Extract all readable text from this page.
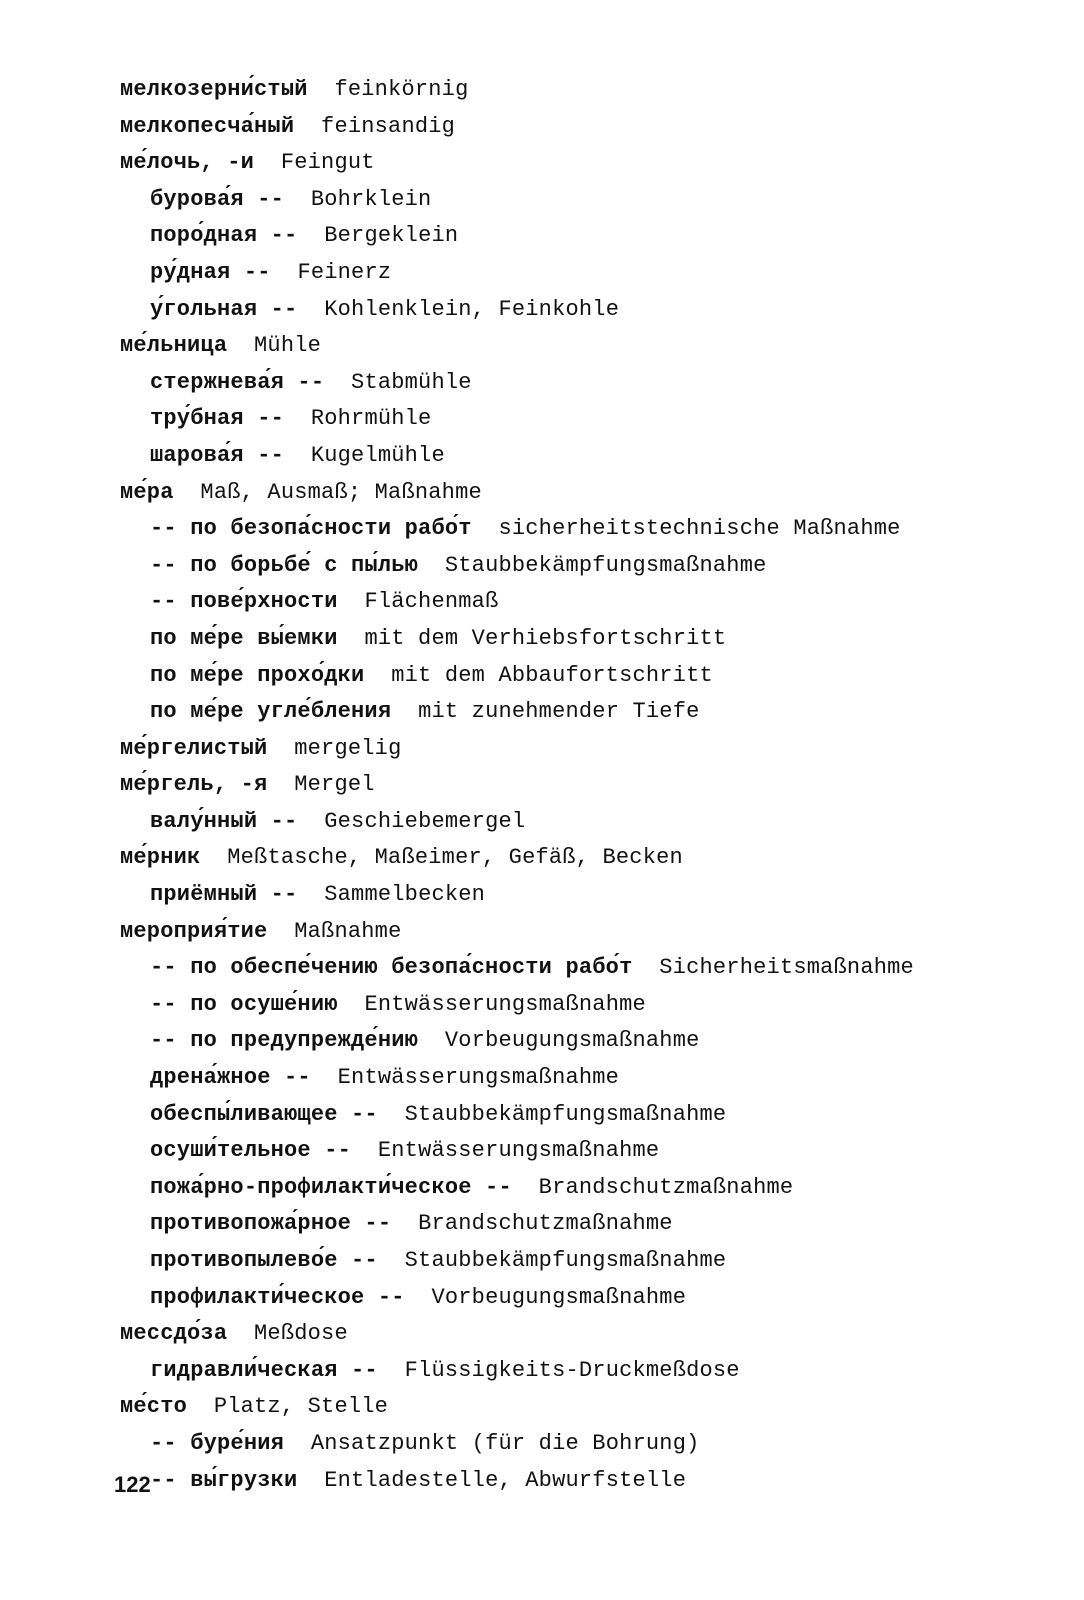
мелкозерни́стый feinkörnig
мелкопесча́ный feinsandig
ме́лочь, -и Feingut
бурова́я -- Bohrklein
поро́дная -- Bergeklein
ру́дная -- Feinerz
у́гольная -- Kohlenklein, Feinkohle
ме́льница Mühle
стержнева́я -- Stabmühle
тру́бная -- Rohrmühle
шарова́я -- Kugelmühle
ме́ра Maß, Ausmaß; Maßnahme
-- по безопа́сности рабо́т sicherheitstechnische Maßnahme
-- по борьбе́ с пы́лью Staubbekämpfungsmaßnahme
-- пове́рхности Flächenmaß
по ме́ре вы́емки mit dem Verhiebsfortschritt
по ме́ре прохо́дки mit dem Abbaufortschritt
по ме́ре угле́бления mit zunehmender Tiefe
ме́ргелистый mergelig
ме́ргель, -я Mergel
валу́нный -- Geschiebemergel
ме́рник Meßtasche, Maßeimer, Gefäß, Becken
приёмный -- Sammelbecken
мероприя́тие Maßnahme
-- по обеспе́чению безопа́сности рабо́т Sicherheitsmaßnahme
-- по осуше́нию Entwässerungsmaßnahme
-- по предупрежде́нию Vorbeugungsmaßnahme
дрена́жное -- Entwässerungsmaßnahme
обеспы́ливающее -- Staubbekämpfungsmaßnahme
осуши́тельное -- Entwässerungsmaßnahme
пожа́рно-профилакти́ческое -- Brandschutzmaßnahme
противопожа́рное -- Brandschutzmaßnahme
противопылево́е -- Staubbekämpfungsmaßnahme
профилакти́ческое -- Vorbeugungsmaßnahme
мессдо́за Meßdose
гидравли́ческая -- Flüssigkeits-Druckmeßdose
ме́сто Platz, Stelle
-- буре́ния Ansatzpunkt (für die Bohrung)
-- вы́грузки Entladestelle, Abwurfstelle
122
